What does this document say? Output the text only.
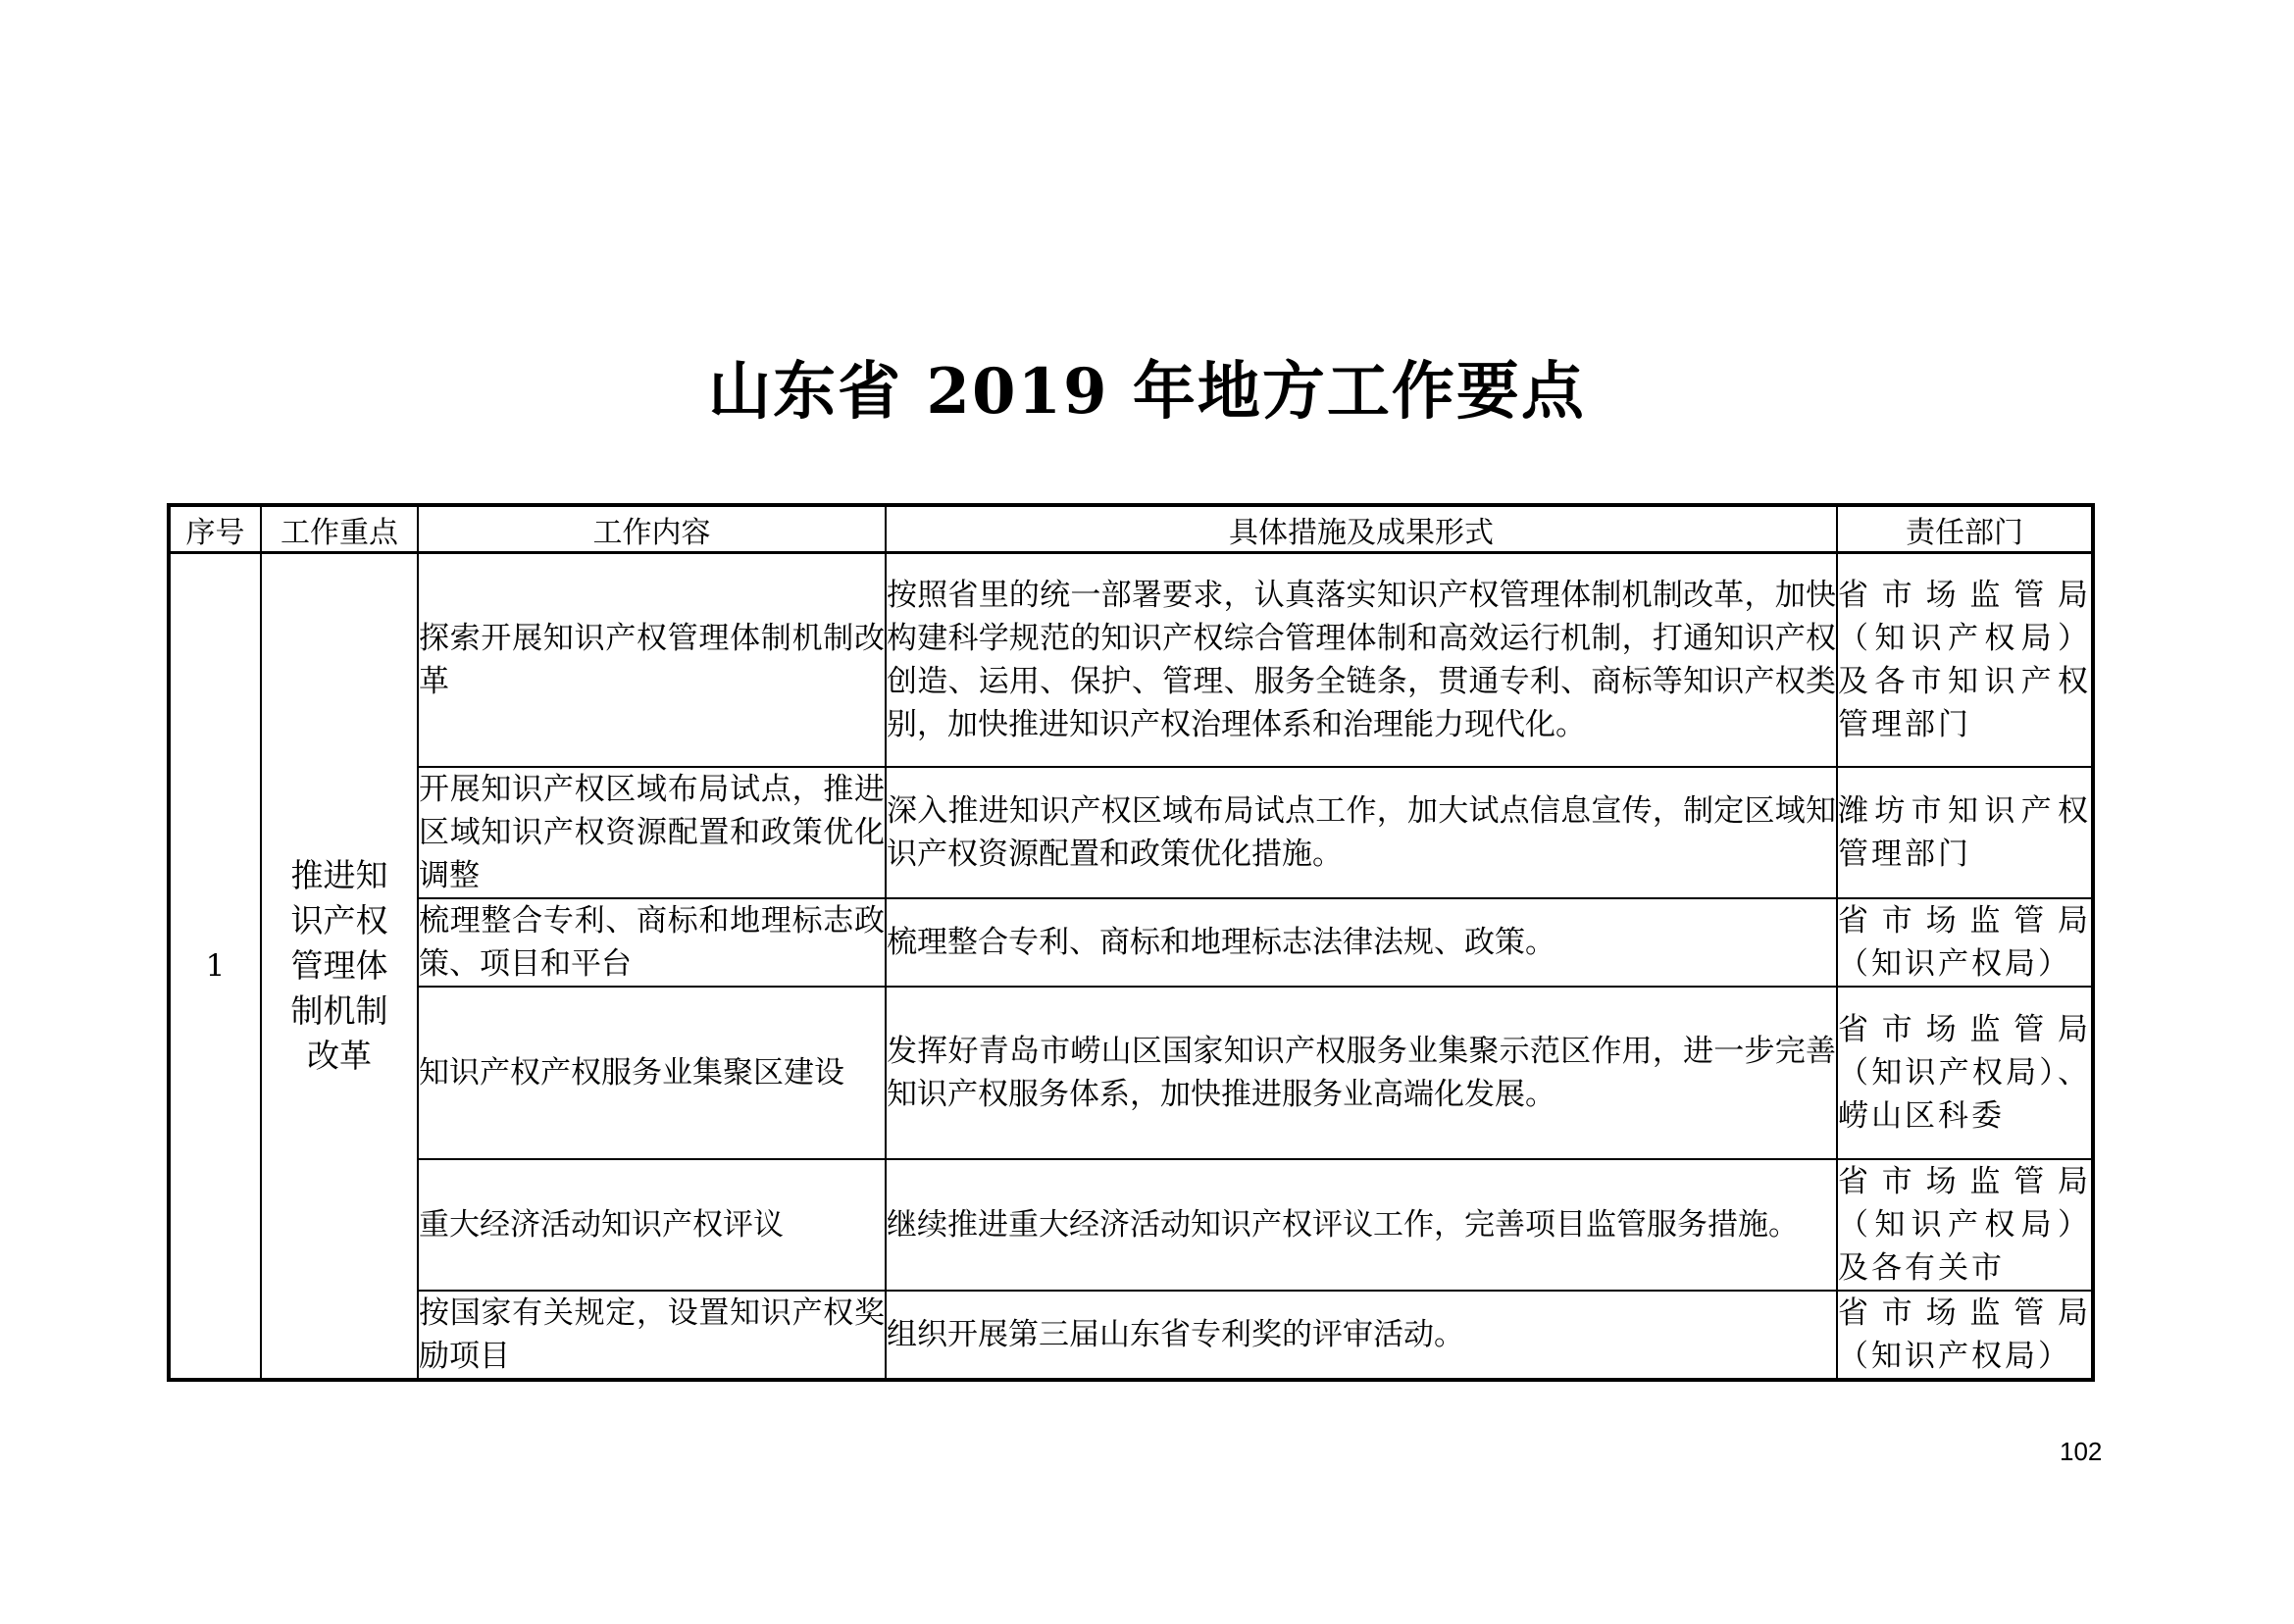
山东省 2019 年地方工作要点
序号	工作重点	工作内容	具体措施及成果形式	责任部门
1	推进知识产权管理体制机制改革	探索开展知识产权管理体制机制改革	按照省里的统一部署要求，认真落实知识产权管理体制机制改革，加快构建科学规范的知识产权综合管理体制和高效运行机制，打通知识产权创造、运用、保护、管理、服务全链条，贯通专利、商标等知识产权类别，加快推进知识产权治理体系和治理能力现代化。	省市场监管局（知识产权局）及各市知识产权管理部门

		开展知识产权区域布局试点，推进区域知识产权资源配置和政策优化调整	深入推进知识产权区域布局试点工作，加大试点信息宣传，制定区域知识产权资源配置和政策优化措施。	潍坊市知识产权管理部门

		梳理整合专利、商标和地理标志政策、项目和平台	梳理整合专利、商标和地理标志法律法规、政策。	省市场监管局（知识产权局）

		知识产权产权服务业集聚区建设	发挥好青岛市崂山区国家知识产权服务业集聚示范区作用，进一步完善知识产权服务体系，加快推进服务业高端化发展。	省市场监管局（知识产权局）、崂山区科委

		重大经济活动知识产权评议	继续推进重大经济活动知识产权评议工作，完善项目监管服务措施。	省市场监管局（知识产权局）及各有关市

		按国家有关规定，设置知识产权奖励项目	组织开展第三届山东省专利奖的评审活动。	省市场监管局（知识产权局）
102
